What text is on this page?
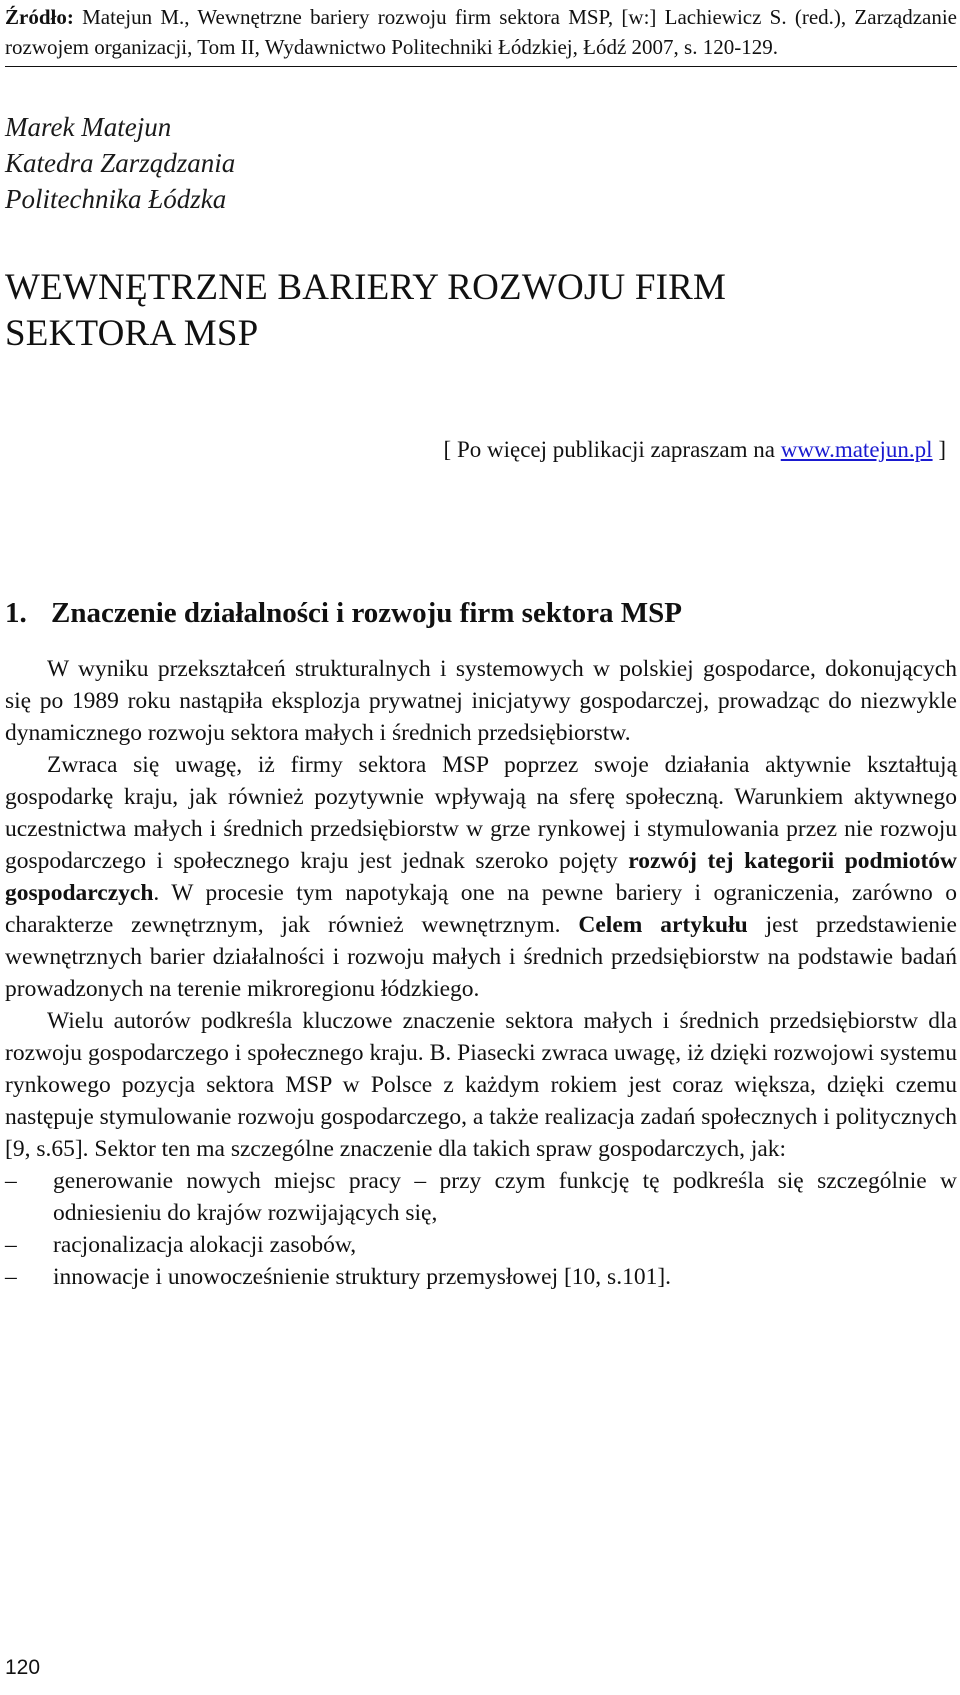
Źródło: Matejun M., Wewnętrzne bariery rozwoju firm sektora MSP, [w:] Lachiewicz S. (red.), Zarządzanie rozwojem organizacji, Tom II, Wydawnictwo Politechniki Łódzkiej, Łódź 2007, s. 120-129.
Marek Matejun
Katedra Zarządzania
Politechnika Łódzka
WEWNĘTRZNE BARIERY ROZWOJU FIRM
SEKTORA MSP
[ Po więcej publikacji zapraszam na www.matejun.pl ]
1. Znaczenie działalności i rozwoju firm sektora MSP

W wyniku przekształceń strukturalnych i systemowych w polskiej gospodarce, dokonujących się po 1989 roku nastąpiła eksplozja prywatnej inicjatywy gospodarczej, prowadząc do niezwykle dynamicznego rozwoju sektora małych i średnich przedsiębiorstw.

Zwraca się uwagę, iż firmy sektora MSP poprzez swoje działania aktywnie kształtują gospodarkę kraju, jak również pozytywnie wpływają na sferę społeczną. Warunkiem aktywnego uczestnictwa małych i średnich przedsiębiorstw w grze rynkowej i stymulowania przez nie rozwoju gospodarczego i społecznego kraju jest jednak szeroko pojęty rozwój tej kategorii podmiotów gospodarczych. W procesie tym napotykają one na pewne bariery i ograniczenia, zarówno o charakterze zewnętrznym, jak również wewnętrznym. Celem artykułu jest przedstawienie wewnętrznych barier działalności i rozwoju małych i średnich przedsiębiorstw na podstawie badań prowadzonych na terenie mikroregionu łódzkiego.

Wielu autorów podkreśla kluczowe znaczenie sektora małych i średnich przedsiębiorstw dla rozwoju gospodarczego i społecznego kraju. B. Piasecki zwraca uwagę, iż dzięki rozwojowi systemu rynkowego pozycja sektora MSP w Polsce z każdym rokiem jest coraz większa, dzięki czemu następuje stymulowanie rozwoju gospodarczego, a także realizacja zadań społecznych i politycznych [9, s.65]. Sektor ten ma szczególne znaczenie dla takich spraw gospodarczych, jak:

– generowanie nowych miejsc pracy – przy czym funkcję tę podkreśla się szczególnie w odniesieniu do krajów rozwijających się,
– racjonalizacja alokacji zasobów,
– innowacje i unowocześnienie struktury przemysłowej [10, s.101].
120
